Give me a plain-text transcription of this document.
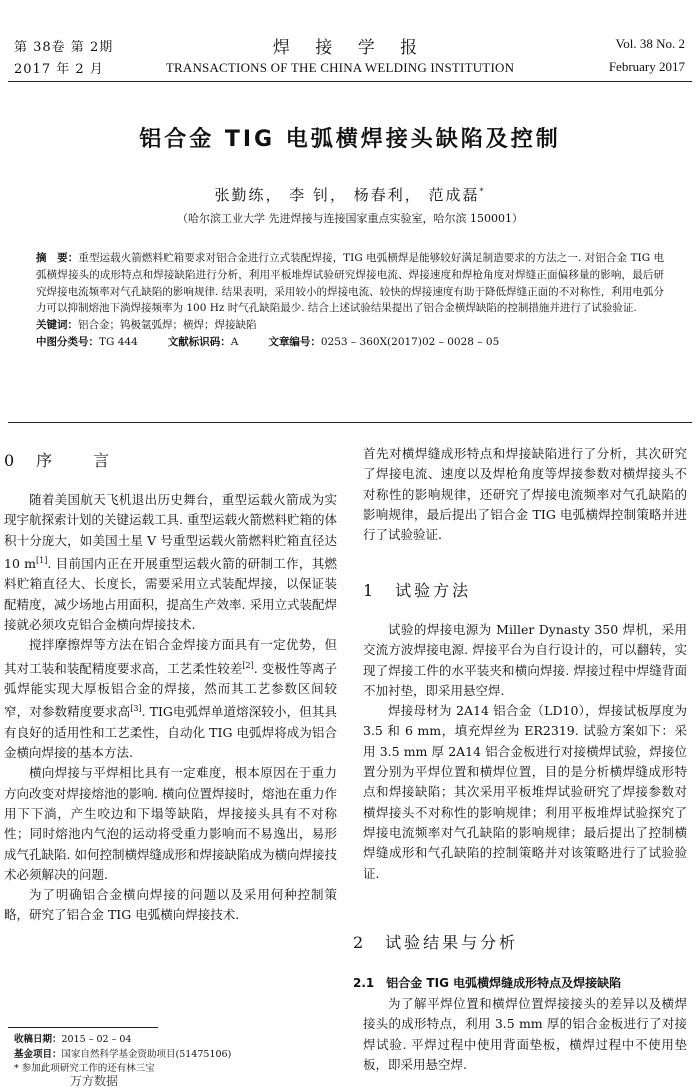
第 38卷 第 2期
2017 年 2 月
焊 接 学 报
TRANSACTIONS OF THE CHINA WELDING INSTITUTION
Vol. 38 No. 2
February 2017
铝合金 TIG 电弧横焊接头缺陷及控制
张勤练， 李 钊， 杨春利， 范成磊*
（哈尔滨工业大学 先进焊接与连接国家重点实验室，哈尔滨 150001）

摘　要：重型运载火箭燃料贮箱要求对铝合金进行立式装配焊接，TIG 电弧横焊是能够较好满足制造要求的方法之一. 对铝合金 TIG 电弧横焊接头的成形特点和焊接缺陷进行分析，利用平板堆焊试验研究焊接电流、焊接速度和焊枪角度对焊缝正面偏移量的影响，最后研究焊接电流频率对气孔缺陷的影响规律. 结果表明，采用较小的焊接电流、较快的焊接速度有助于降低焊缝正面的不对称性，利用电弧分力可以抑制熔池下淌焊接频率为 100 Hz 时气孔缺陷最少. 结合上述试验结果提出了铝合金横焊缺陷的控制措施并进行了试验验证.

关键词：铝合金；钨极氩弧焊；横焊；焊接缺陷

中图分类号：TG 444	文献标识码：A	文章编号：0253 – 360X(2017)02 – 0028 – 05

0　序　　言

随着美国航天飞机退出历史舞台，重型运载火箭成为实现宇航探索计划的关键运载工具. 重型运载火箭燃料贮箱的体积十分庞大，如美国土星 V 号重型运载火箭燃料贮箱直径达 10 m[1]. 目前国内正在开展重型运载火箭的研制工作，其燃料贮箱直径大、长度长，需要采用立式装配焊接，以保证装配精度，减少场地占用面积，提高生产效率. 采用立式装配焊接就必须攻克铝合金横向焊接技术.

搅拌摩擦焊等方法在铝合金焊接方面具有一定优势，但其对工装和装配精度要求高，工艺柔性较差[2]. 变极性等离子弧焊能实现大厚板铝合金的焊接，然而其工艺参数区间较窄，对参数精度要求高[3]. TIG电弧焊单道熔深较小，但其具有良好的适用性和工艺柔性，自动化 TIG 电弧焊将成为铝合金横向焊接的基本方法.

横向焊接与平焊相比具有一定难度，根本原因在于重力方向改变对焊接熔池的影响. 横向位置焊接时，熔池在重力作用下下淌，产生咬边和下塌等缺陷，焊接接头具有不对称性；同时熔池内气泡的运动将受重力影响而不易逸出，易形成气孔缺陷. 如何控制横焊缝成形和焊接缺陷成为横向焊接技术必须解决的问题.

为了明确铝合金横向焊接的问题以及采用何种控制策略，研究了铝合金 TIG 电弧横向焊接技术.

收稿日期：2015 – 02 – 04
基金项目：国家自然科学基金资助项目(51475106)
* 参加此项研究工作的还有林三宝
万方数据
首先对横焊缝成形特点和焊接缺陷进行了分析，其次研究了焊接电流、速度以及焊枪角度等焊接参数对横焊接头不对称性的影响规律，还研究了焊接电流频率对气孔缺陷的影响规律，最后提出了铝合金 TIG 电弧横焊控制策略并进行了试验验证.
1　试验方法

试验的焊接电源为 Miller Dynasty 350 焊机，采用交流方波焊接电源. 焊接平台为自行设计的，可以翻转，实现了焊接工件的水平装夹和横向焊接. 焊接过程中焊缝背面不加衬垫，即采用悬空焊.

焊接母材为 2A14 铝合金（LD10），焊接试板厚度为 3.5 和 6 mm，填充焊丝为 ER2319. 试验方案如下：采用 3.5 mm 厚 2A14 铝合金板进行对接横焊试验，焊接位置分别为平焊位置和横焊位置，目的是分析横焊缝成形特点和焊接缺陷；其次采用平板堆焊试验研究了焊接参数对横焊接头不对称性的影响规律；利用平板堆焊试验探究了焊接电流频率对气孔缺陷的影响规律；最后提出了控制横焊缝成形和气孔缺陷的控制策略并对该策略进行了试验验证.

2　试验结果与分析
2.1　铝合金 TIG 电弧横焊缝成形特点及焊接缺陷

为了解平焊位置和横焊位置焊接接头的差异以及横焊接头的成形特点，利用 3.5 mm 厚的铝合金板进行了对接焊试验. 平焊过程中使用背面垫板，横焊过程中不使用垫板，即采用悬空焊.
